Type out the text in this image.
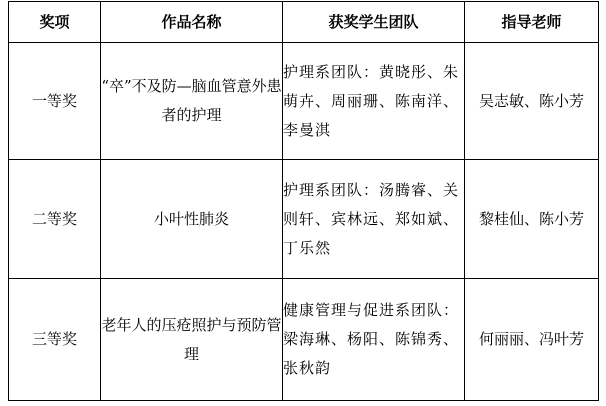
奖项	作品名称	获奖学生团队	指导老师
一等奖	“卒”不及防—脑血管意外患者的护理	护理系团队：黄晓彤、朱萌卉、周丽珊、陈南洋、李曼淇	吴志敏、陈小芳
二等奖	小叶性肺炎	护理系团队：汤腾睿、关则轩、宾林远、郑如斌、丁乐然	黎桂仙、陈小芳
三等奖	老年人的压疮照护与预防管理	健康管理与促进系团队：梁海琳、杨阳、陈锦秀、张秋韵	何丽丽、冯叶芳
